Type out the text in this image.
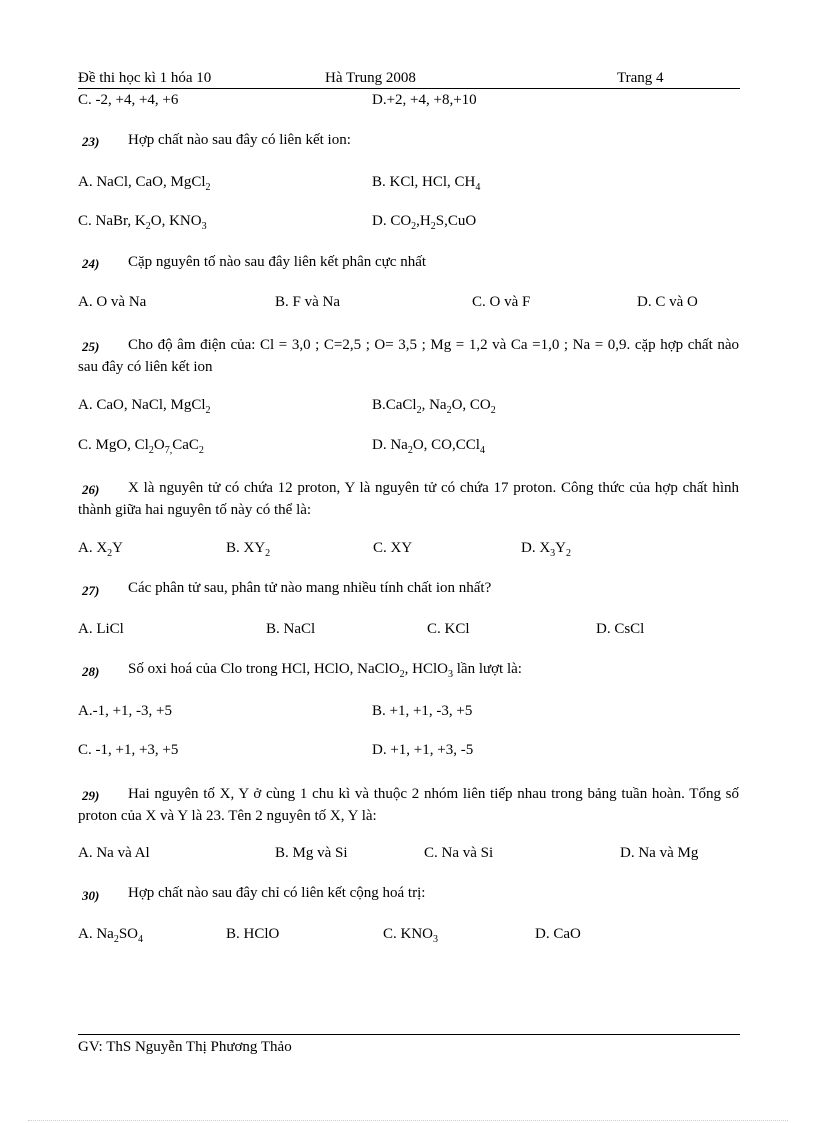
Đề thi học kì 1 hóa 10	Hà Trung 2008	Trang 4
C. -2, +4, +4, +6	D.+2, +4, +8,+10
23) Hợp chất nào sau đây có liên kết ion:
A. NaCl, CaO, MgCl$_2$	B. KCl, HCl, $CH_4$
C. NaBr, $K_2O$, $KNO_3$	D. $CO_2,H_2S,CuO$
24) Cặp nguyên tố nào sau đây liên kết phân cực nhất
A. O và Na	B. F và Na	C. O và F	D. C và O
25) Cho độ âm điện của: Cl = 3,0 ; C=2,5 ; O= 3,5 ; Mg = 1,2 và Ca =1,0 ; Na = 0,9. cặp hợp chất nào sau đây có liên kết ion
A. CaO, NaCl, MgCl$_2$	B.CaCl$_2$, $Na_2O$, $CO_2$
C. MgO, $Cl_2O_{7,}CaC_2$	D. $Na_2O$, CO,CCl$_4$
26) X là nguyên tử có chứa 12 proton, Y là nguyên tử có chứa 17 proton. Công thức của hợp chất hình thành giữa hai nguyên tố này có thể là:
A. $X_2Y$	B. $XY_2$	C. XY	D. $X_3Y_2$
27) Các phân tử sau, phân tử nào mang nhiều tính chất ion nhất?
A. LiCl	B. NaCl	C. KCl	D. CsCl
28) Số oxi hoá của Clo trong HCl, HClO, NaClO$_2$, HClO$_3$ lần lượt là:
A.-1, +1, -3, +5	B. +1, +1, -3, +5
C. -1, +1, +3, +5	D. +1, +1, +3, -5
29) Hai nguyên tố X, Y ở cùng 1 chu kì và thuộc 2 nhóm liên tiếp nhau trong bảng tuần hoàn. Tổng số proton của X và Y là 23. Tên 2 nguyên tố X, Y là:
A. Na và Al	B. Mg và Si	C. Na và Si	D. Na và Mg
30) Hợp chất nào sau đây chỉ có liên kết cộng hoá trị:
A. $Na_2SO_4$	B. HClO	C. $KNO_3$	D. CaO
GV: ThS Nguyễn Thị Phương Thảo
